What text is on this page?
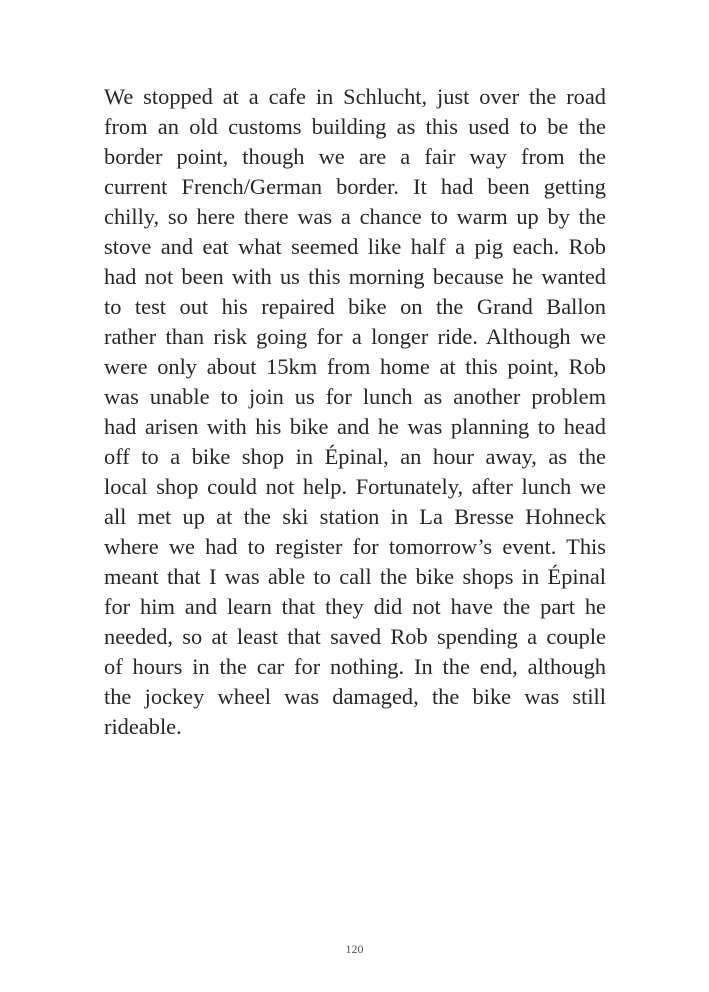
We stopped at a cafe in Schlucht, just over the road
from an old customs building as this used to be the
border point, though we are a fair way from the
current French/German border. It had been getting
chilly, so here there was a chance to warm up by the
stove and eat what seemed like half a pig each. Rob
had not been with us this morning because he wanted
to test out his repaired bike on the Grand Ballon
rather than risk going for a longer ride. Although we
were only about 15km from home at this point, Rob
was unable to join us for lunch as another problem
had arisen with his bike and he was planning to head
off to a bike shop in Épinal, an hour away, as the
local shop could not help. Fortunately, after lunch we
all met up at the ski station in La Bresse Hohneck
where we had to register for tomorrow’s event. This
meant that I was able to call the bike shops in Épinal
for him and learn that they did not have the part he
needed, so at least that saved Rob spending a couple
of hours in the car for nothing. In the end, although
the jockey wheel was damaged, the bike was still
rideable.
120
